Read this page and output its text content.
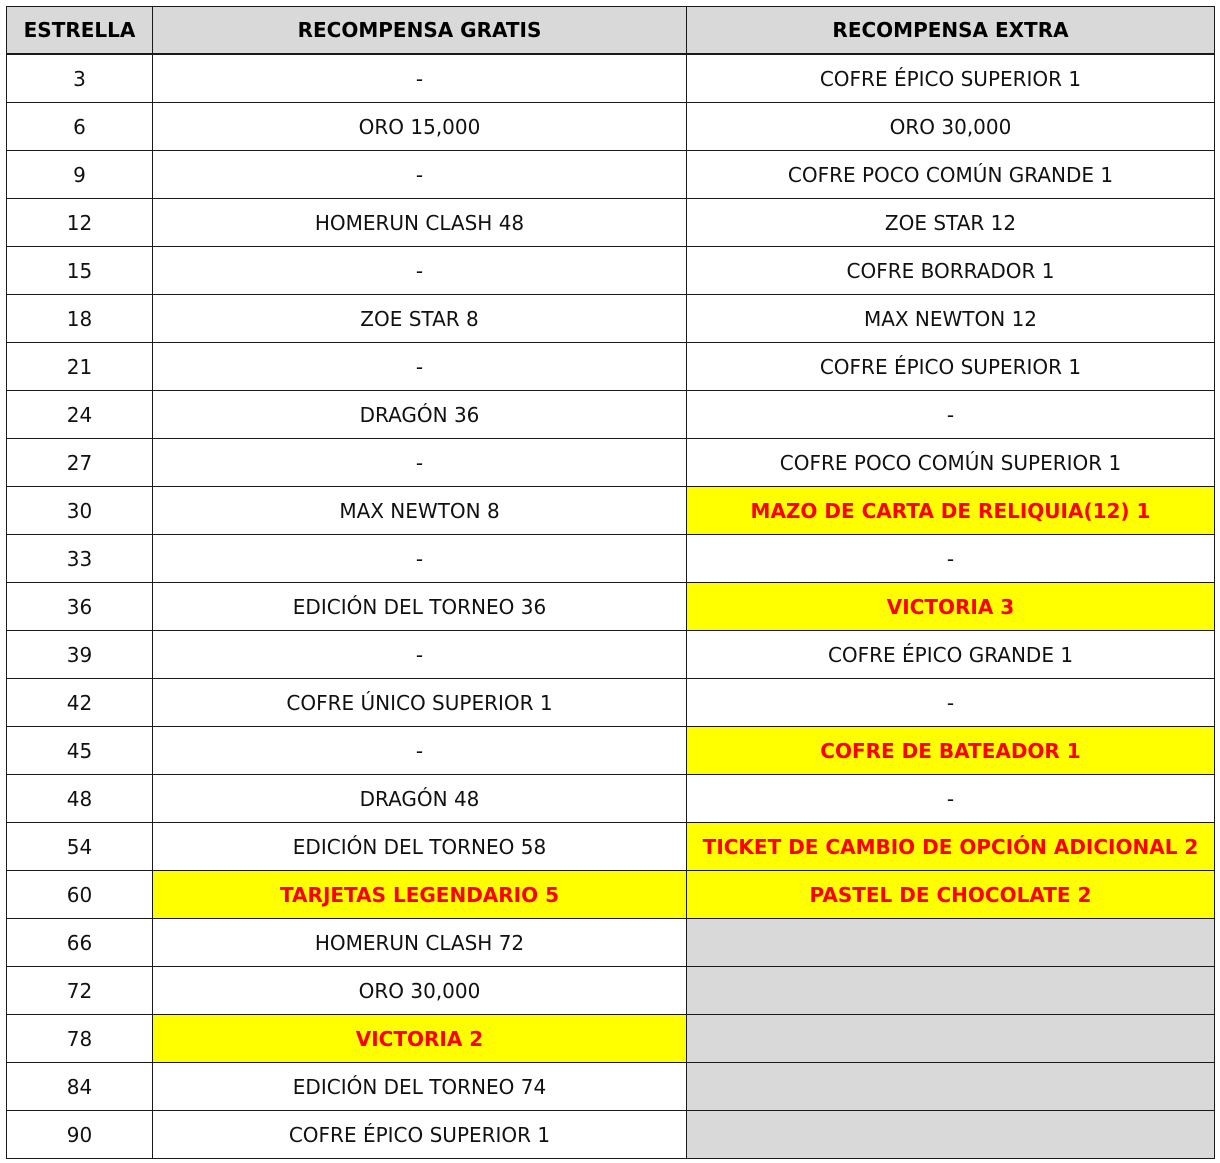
ESTRELLA	RECOMPENSA GRATIS	RECOMPENSA EXTRA
3	-	COFRE ÉPICO SUPERIOR 1
6	ORO 15,000	ORO 30,000
9	-	COFRE POCO COMÚN GRANDE 1
12	HOMERUN CLASH 48	ZOE STAR 12
15	-	COFRE BORRADOR 1
18	ZOE STAR 8	MAX NEWTON 12
21	-	COFRE ÉPICO SUPERIOR 1
24	DRAGÓN 36	-
27	-	COFRE POCO COMÚN SUPERIOR 1
30	MAX NEWTON 8	MAZO DE CARTA DE RELIQUIA(12) 1
33	-	-
36	EDICIÓN DEL TORNEO 36	VICTORIA 3
39	-	COFRE ÉPICO GRANDE 1
42	COFRE ÚNICO SUPERIOR 1	-
45	-	COFRE DE BATEADOR 1
48	DRAGÓN 48	-
54	EDICIÓN DEL TORNEO 58	TICKET DE CAMBIO DE OPCIÓN ADICIONAL 2
60	TARJETAS LEGENDARIO 5	PASTEL DE CHOCOLATE 2
66	HOMERUN CLASH 72	
72	ORO 30,000	
78	VICTORIA 2	
84	EDICIÓN DEL TORNEO 74	
90	COFRE ÉPICO SUPERIOR 1	
